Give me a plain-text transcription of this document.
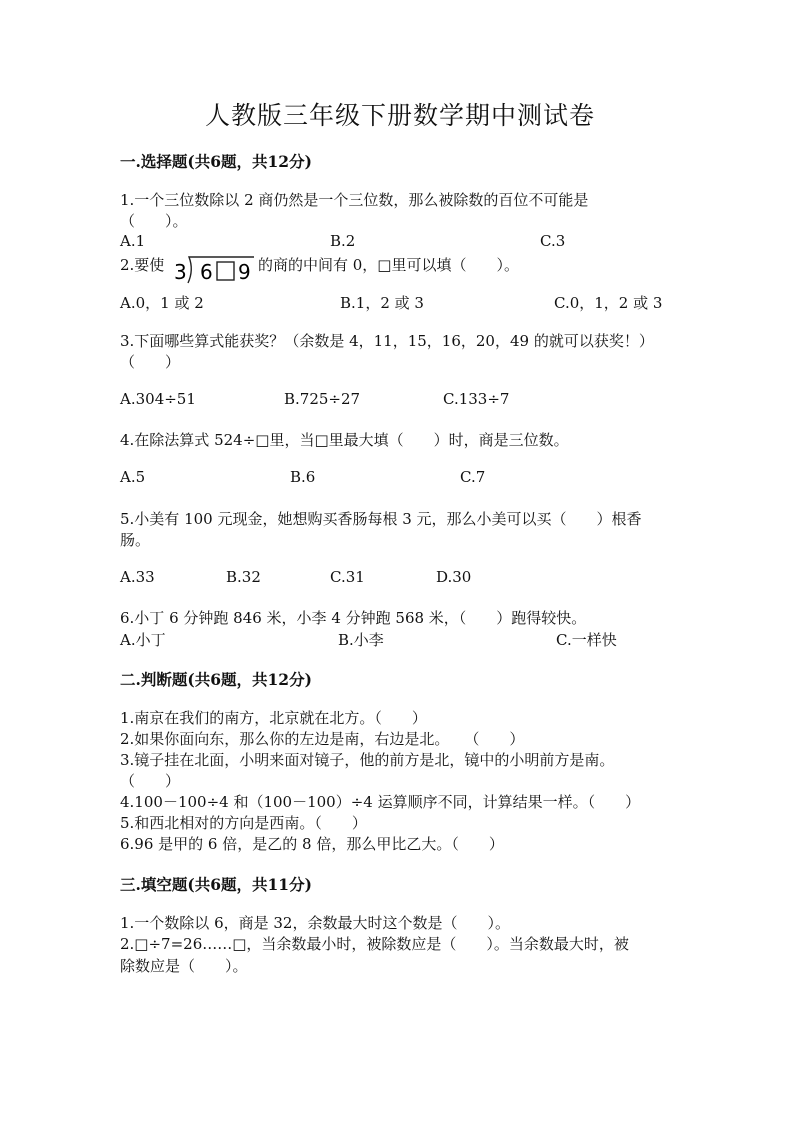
人教版三年级下册数学期中测试卷
一.选择题(共6题，共12分)
1.一个三位数除以 2 商仍然是一个三位数，那么被除数的百位不可能是
（　　）。
A.1	B.2	C.3
2.要使 3 6 9 的商的中间有 0，□里可以填（　　）。
A.0，1 或 2	B.1，2 或 3	C.0，1，2 或 3
3.下面哪些算式能获奖？（余数是 4，11，15，16，20，49 的就可以获奖！）
（　　）
A.304÷51	B.725÷27	C.133÷7
4.在除法算式 524÷□里，当□里最大填（　　）时，商是三位数。
A.5	B.6	C.7
5.小美有 100 元现金，她想购买香肠每根 3 元，那么小美可以买（　　）根香
肠。
A.33	B.32	C.31	D.30
6.小丁 6 分钟跑 846 米，小李 4 分钟跑 568 米，（　　）跑得较快。
A.小丁	B.小李	C.一样快
二.判断题(共6题，共12分)
1.南京在我们的南方，北京就在北方。（　　）
2.如果你面向东，那么你的左边是南，右边是北。　　（　　）
3.镜子挂在北面，小明来面对镜子，他的前方是北，镜中的小明前方是南。
（　　）
4.100－100÷4 和（100－100）÷4 运算顺序不同，计算结果一样。（　　）
5.和西北相对的方向是西南。（　　）
6.96 是甲的 6 倍，是乙的 8 倍，那么甲比乙大。（　　）
三.填空题(共6题，共11分)
1.一个数除以 6，商是 32，余数最大时这个数是（　　）。
2.□÷7=26……□，当余数最小时，被除数应是（　　）。当余数最大时，被
除数应是（　　）。
